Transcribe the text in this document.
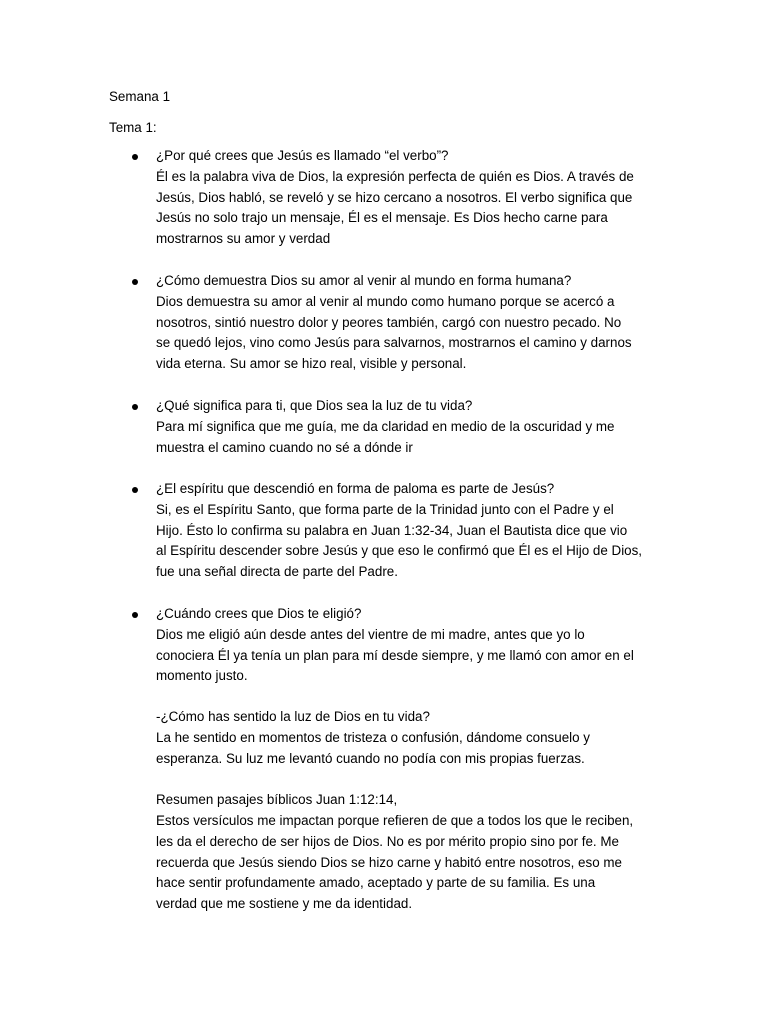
Semana 1
Tema 1:
¿Por qué crees que Jesús es llamado “el verbo”?
Él es la palabra viva de Dios, la expresión perfecta de quién es Dios. A través de
Jesús, Dios habló, se reveló y se hizo cercano a nosotros. El verbo significa que
Jesús no solo trajo un mensaje, Él es el mensaje. Es Dios hecho carne para
mostrarnos su amor y verdad
¿Cómo demuestra Dios su amor al venir al mundo en forma humana?
Dios demuestra su amor al venir al mundo como humano porque se acercó a
nosotros, sintió nuestro dolor y peores también, cargó con nuestro pecado. No
se quedó lejos, vino como Jesús para salvarnos, mostrarnos el camino y darnos
vida eterna. Su amor se hizo real, visible y personal.
¿Qué significa para ti, que Dios sea la luz de tu vida?
Para mí significa que me guía, me da claridad en medio de la oscuridad y me
muestra el camino cuando no sé a dónde ir
¿El espíritu que descendió en forma de paloma es parte de Jesús?
Si, es el Espíritu Santo, que forma parte de la Trinidad junto con el Padre y el
Hijo. Ésto lo confirma su palabra en Juan 1:32-34, Juan el Bautista dice que vio
al Espíritu descender sobre Jesús y que eso le confirmó que Él es el Hijo de Dios,
fue una señal directa de parte del Padre.
¿Cuándo crees que Dios te eligió?
Dios me eligió aún desde antes del vientre de mi madre, antes que yo lo
conociera Él ya tenía un plan para mí desde siempre, y me llamó con amor en el
momento justo.
-¿Cómo has sentido la luz de Dios en tu vida?
La he sentido en momentos de tristeza o confusión, dándome consuelo y
esperanza. Su luz me levantó cuando no podía con mis propias fuerzas.
Resumen pasajes bíblicos Juan 1:12:14,
Estos versículos me impactan porque refieren de que a todos los que le reciben,
les da el derecho de ser hijos de Dios. No es por mérito propio sino por fe. Me
recuerda que Jesús siendo Dios se hizo carne y habitó entre nosotros, eso me
hace sentir profundamente amado, aceptado y parte de su familia. Es una
verdad que me sostiene y me da identidad.
